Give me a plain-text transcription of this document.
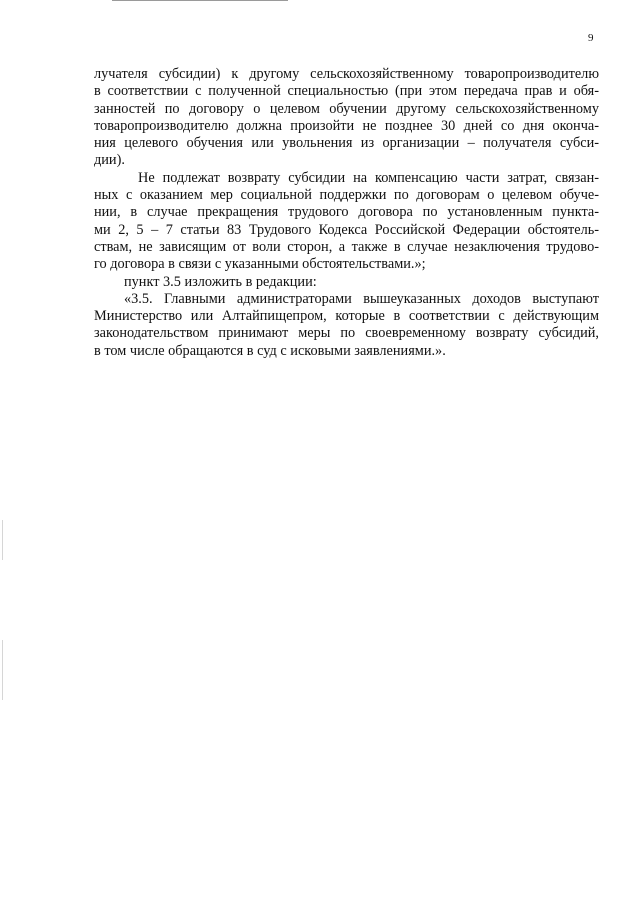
9
лучателя субсидии) к другому сельскохозяйственному товаропроизводителю
в соответствии с полученной специальностью (при этом передача прав и обя-
занностей по договору о целевом обучении другому сельскохозяйственному
товаропроизводителю должна произойти не позднее 30 дней со дня оконча-
ния целевого обучения или увольнения из организации – получателя субси-
дии).
Не подлежат возврату субсидии на компенсацию части затрат, связан-
ных с оказанием мер социальной поддержки по договорам о целевом обуче-
нии, в случае прекращения трудового договора по установленным пункта-
ми 2, 5 – 7 статьи 83 Трудового Кодекса Российской Федерации обстоятель-
ствам, не зависящим от воли сторон, а также в случае незаключения трудово-
го договора в связи с указанными обстоятельствами.»;
пункт 3.5 изложить в редакции:
«3.5. Главными администраторами вышеуказанных доходов выступают
Министерство или Алтайпищепром, которые в соответствии с действующим
законодательством принимают меры по своевременному возврату субсидий,
в том числе обращаются в суд с исковыми заявлениями.».
